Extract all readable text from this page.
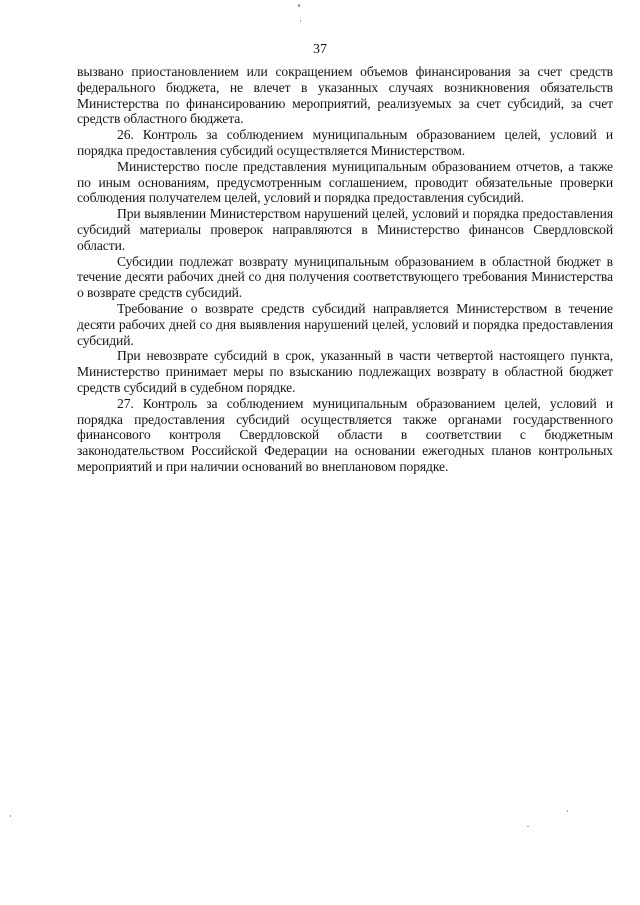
37

вызвано приостановлением или сокращением объемов финансирования за счет средств федерального бюджета, не влечет в указанных случаях возникновения обязательств Министерства по финансированию мероприятий, реализуемых за счет субсидий, за счет средств областного бюджета.

26. Контроль за соблюдением муниципальным образованием целей, условий и порядка предоставления субсидий осуществляется Министерством.

Министерство после представления муниципальным образованием отчетов, а также по иным основаниям, предусмотренным соглашением, проводит обязательные проверки соблюдения получателем целей, условий и порядка предоставления субсидий.

При выявлении Министерством нарушений целей, условий и порядка предоставления субсидий материалы проверок направляются в Министерство финансов Свердловской области.

Субсидии подлежат возврату муниципальным образованием в областной бюджет в течение десяти рабочих дней со дня получения соответствующего требования Министерства о возврате средств субсидий.

Требование о возврате средств субсидий направляется Министерством в течение десяти рабочих дней со дня выявления нарушений целей, условий и порядка предоставления субсидий.

При невозврате субсидий в срок, указанный в части четвертой настоящего пункта, Министерство принимает меры по взысканию подлежащих возврату в областной бюджет средств субсидий в судебном порядке.

27. Контроль за соблюдением муниципальным образованием целей, условий и порядка предоставления субсидий осуществляется также органами государственного финансового контроля Свердловской области в соответствии с бюджетным законодательством Российской Федерации на основании ежегодных планов контрольных мероприятий и при наличии оснований во внеплановом порядке.
